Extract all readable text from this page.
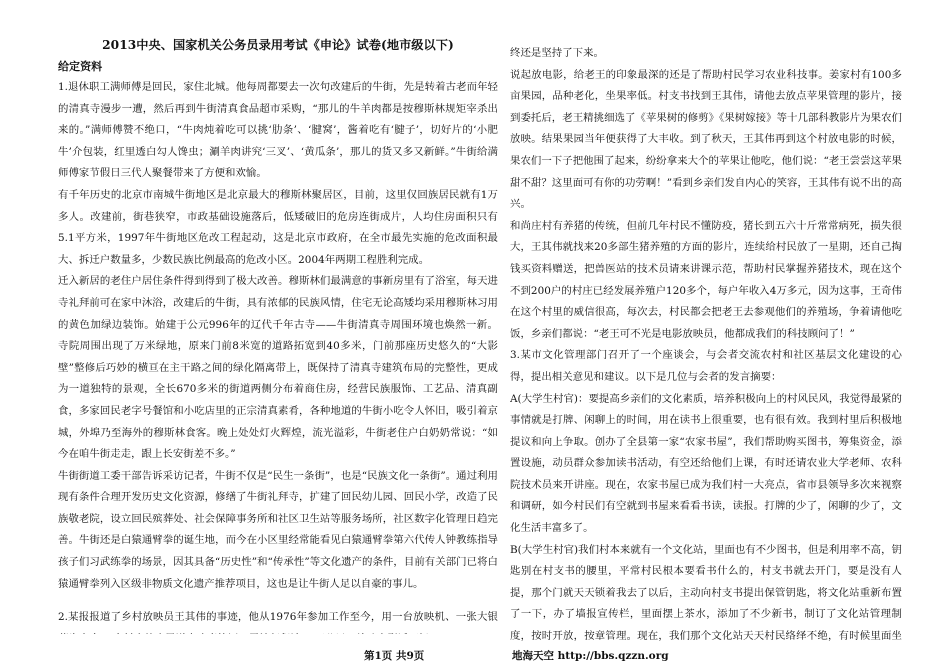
2013中央、国家机关公务员录用考试《申论》试卷(地市级以下)

给定资料

1.退休职工满师傅是回民，家住北城。他每周都要去一次句改建后的牛街，先是转着古老而年轻的清真寺漫步一遭，然后再到牛街清真食品超市采购，“那儿的牛羊肉都是按穆斯林规矩宰杀出来的。”满师傅赞不绝口，“牛肉炖着吃可以挑‘肋条’、‘腱窝’，酱着吃有‘腱子’，切好片的‘小肥牛’介包装，红里透白勾人馋虫；涮羊肉讲究‘三叉’、‘黄瓜条’，那儿的货又多又新鲜。”牛街给满师傅家节假日三代人聚餐带来了方便和欢愉。

有千年历史的北京市南城牛街地区是北京最大的穆斯林聚居区，目前，这里仅回族居民就有1万多人。改建前，街巷狭窄，市政基础设施落后，低矮破旧的危房连街成片，人均住房面积只有5.1平方米，1997年牛街地区危改工程起动，这是北京市政府，在全市最先实施的危改面积最大、拆迁户数量多，少数民族比例最高的危改小区。2004年两期工程胜利完成。

迁入新居的老住户居住条件得到得到了极大改善。穆斯林们最满意的事新房里有了浴室，每天进寺礼拜前可在家中沐浴，改建后的牛街，具有浓郁的民族风情，住宅无论高矮均采用穆斯林习用的黄色加绿边装饰。始建于公元996年的辽代千年古寺——牛街清真寺周围环境也焕然一新。 寺院周围出现了万米绿地，原来门前8米宽的道路拓宽到40多米，门前那座历史悠久的“大影壁”整修后巧妙的横亘在主干路之间的绿化隔离带上，既保持了清真寺建筑布局的完整性，更成为一道独特的景观，全长670多米的街道两侧分布着商住房，经营民族服饰、工艺品、清真副食，多家回民老字号餐馆和小吃店里的正宗清真素肴，各种地道的牛街小吃令人怀旧，吸引着京城，外埠乃至海外的穆斯林食客。晚上处处灯火辉煌，流光溢彩，牛街老住户白奶奶常说：“如今在咱牛街走走，跟上长安街差不多。”

牛街街道工委干部告诉采访记者，牛街不仅是“民生一条街”，也是“民族文化一条街”。通过利用现有条件合理开发历史文化资源，修缮了牛街礼拜寺，扩建了回民幼儿园、回民小学，改造了民族敬老院，设立回民殡葬处、社会保障事务所和社区卫生站等服务场所，社区数字化管理日趋完善。牛街还是白猿通臂拳的诞生地，而今在小区里经常能看见白猿通臂拳第六代传人钟教练指导孩子们习武练拳的场景，因其具备“历史性”和“传承性”等文化遗产的条件，目前有关部门已将白猿通臂拳列入区级非物质文化遗产推荐项目，这也是让牛街人足以自豪的事儿。

2.某报报道了乡村放映员王其伟的事迹，他从1976年参加工作至今，用一台放映机、一张大银

终还是坚持了下来。

说起放电影，给老王的印象最深的还是了帮助村民学习农业科技事。姜家村有100多亩果园，品种老化，坐果率低。村支书找到王其伟，请他去放点苹果管理的影片，接到委托后，老王精挑细选了《苹果树的修剪》《果树嫁接》等十几部科教影片为果农们放映。结果果园当年便获得了大丰收。到了秋天，王其伟再到这个村放电影的时候，果农们一下子把他围了起来，纷纷拿来大个的苹果让他吃，他们说：“老王尝尝这苹果甜不甜？这里面可有你的功劳啊！”看到乡亲们发自内心的笑容，王其伟有说不出的高兴。

和尚庄村有养猪的传统，但前几年村民不懂防疫，猪长到五六十斤常常病死，损失很大，王其伟就找来20多部生猪养殖的方面的影片，连续给村民放了一星期，还自己掏钱买资料赠送，把兽医站的技术员请来讲课示范，帮助村民掌握养猪技术，现在这个不到200户的村庄已经发展养殖户120多个，每户年收入4万多元，因为这事，王奇伟在这个村里的威信很高，每次去，村民都会把老王去参观他们的养殖场，争着请他吃饭，乡亲们都说：“老王可不光是电影放映员，他都成我们的科技顾问了！”

3.某市文化管理部门召开了一个座谈会，与会者交流农村和社区基层文化建设的心得，提出相关意见和建议。以下是几位与会者的发言摘要：

A(大学生村官)：要提高乡亲们的文化素质，培养积极向上的村风民风，我觉得最紧的事情就是打牌、闲聊上的时间，用在读书上很重要，也有很有效。我到村里后积极地提议和向上争取。创办了全县第一家“农家书屋”，我们帮助购买图书，筹集资金，添置设施，动员群众参加读书活动，有空还给他们上课，有时还请农业大学老师、农科院技术员来开讲座。现在，农家书屋已成为我们村一大亮点，省市县领导多次来视察和调研，如今村民们有空就到书屋来看看书读，读报。打牌的少了，闲聊的少了，文化生活丰富多了。

B(大学生村官)我们村本来就有一个文化站，里面也有不少图书，但是利用率不高，钥匙别在村支书的腰里，平常村民根本要看书什么的，村支书就去开门，要是没有人提，那个门就天天锁着我去了以后，主动向村支书提出保管钥匙，将文化站重新布置了一下，办了墙报宣传栏，里面摆上茶水，添加了不少新书，制订了文化站管理制度，按时开放，按章管理。现在，我们那个文化站天天村民络绎不绝，有时候里面坐

第1页 共9页	地海天空 http://bbs.qzzn.org
